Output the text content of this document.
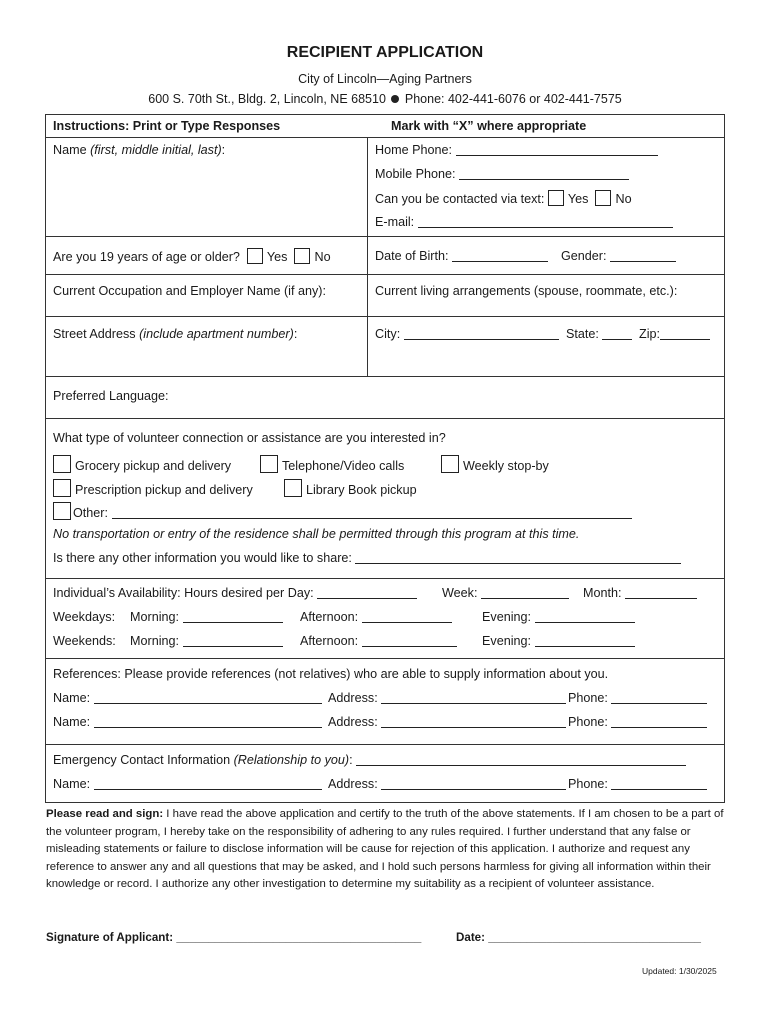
RECIPIENT APPLICATION
City of Lincoln—Aging Partners
600 S. 70th St., Bldg. 2, Lincoln, NE 68510 Phone: 402-441-6076 or 402-441-7575
Instructions: Print or Type Responses	Mark with “X” where appropriate
Name (first, middle initial, last):	Home Phone:
Mobile Phone:
Can you be contacted via text: Yes No
E-mail:
Are you 19 years of age or older? Yes No	Date of Birth:	Gender:
Current Occupation and Employer Name (if any):	Current living arrangements (spouse, roommate, etc.):
Street Address (include apartment number):	City:	State:	Zip:
Preferred Language:
What type of volunteer connection or assistance are you interested in?
Grocery pickup and delivery	Telephone/Video calls	Weekly stop-by
Prescription pickup and delivery	Library Book pickup
Other:
No transportation or entry of the residence shall be permitted through this program at this time.
Is there any other information you would like to share:
Individual’s Availability: Hours desired per Day:	Week:	Month:
Weekdays: Morning:	Afternoon:	Evening:
Weekends: Morning:	Afternoon:	Evening:
References: Please provide references (not relatives) who are able to supply information about you.
Name:	Address:	Phone:
Name:	Address:	Phone:
Emergency Contact Information (Relationship to you):
Name:	Address:	Phone:
Please read and sign: I have read the above application and certify to the truth of the above statements. If I am chosen to be a part of the volunteer program, I hereby take on the responsibility of adhering to any rules required. I further understand that any false or misleading statements or failure to disclose information will be cause for rejection of this application. I authorize and request any reference to answer any and all questions that may be asked, and I hold such persons harmless for giving all information within their knowledge or record. I authorize any other investigation to determine my suitability as a recipient of volunteer assistance.
Signature of Applicant: ______________________________________	Date: _________________________________
Updated: 1/30/2025
